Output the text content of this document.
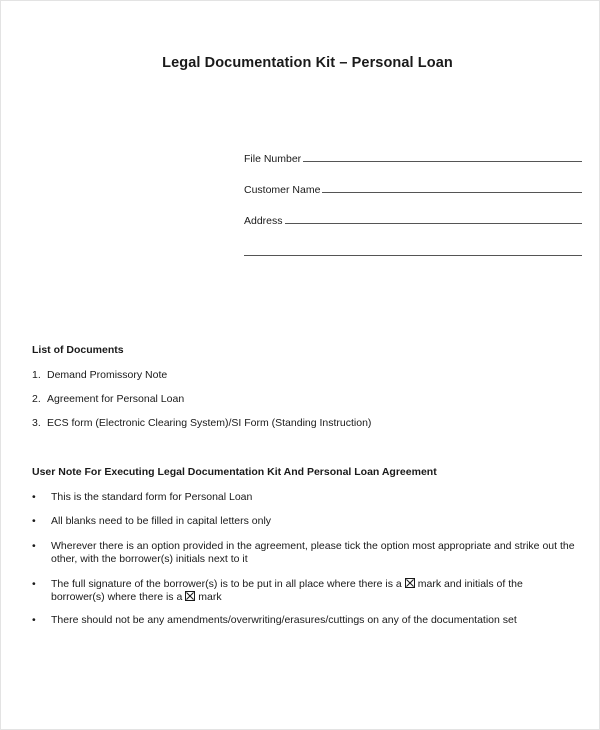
Legal Documentation Kit – Personal Loan
File Number
Customer Name
Address
List of Documents
1. Demand Promissory Note
2. Agreement for Personal Loan
3. ECS form (Electronic Clearing System)/SI Form (Standing Instruction)
User Note For Executing Legal Documentation Kit And Personal Loan Agreement
•	This is the standard form for Personal Loan
•	All blanks need to be filled in capital letters only
•	Wherever there is an option provided in the agreement, please tick the option most appropriate and strike out the other, with the borrower(s) initials next to it
•	The full signature of the borrower(s) is to be put in all place where there is a ☒ mark and initials of the borrower(s) where there is a ☒ mark
•	There should not be any amendments/overwriting/erasures/cuttings on any of the documentation set
